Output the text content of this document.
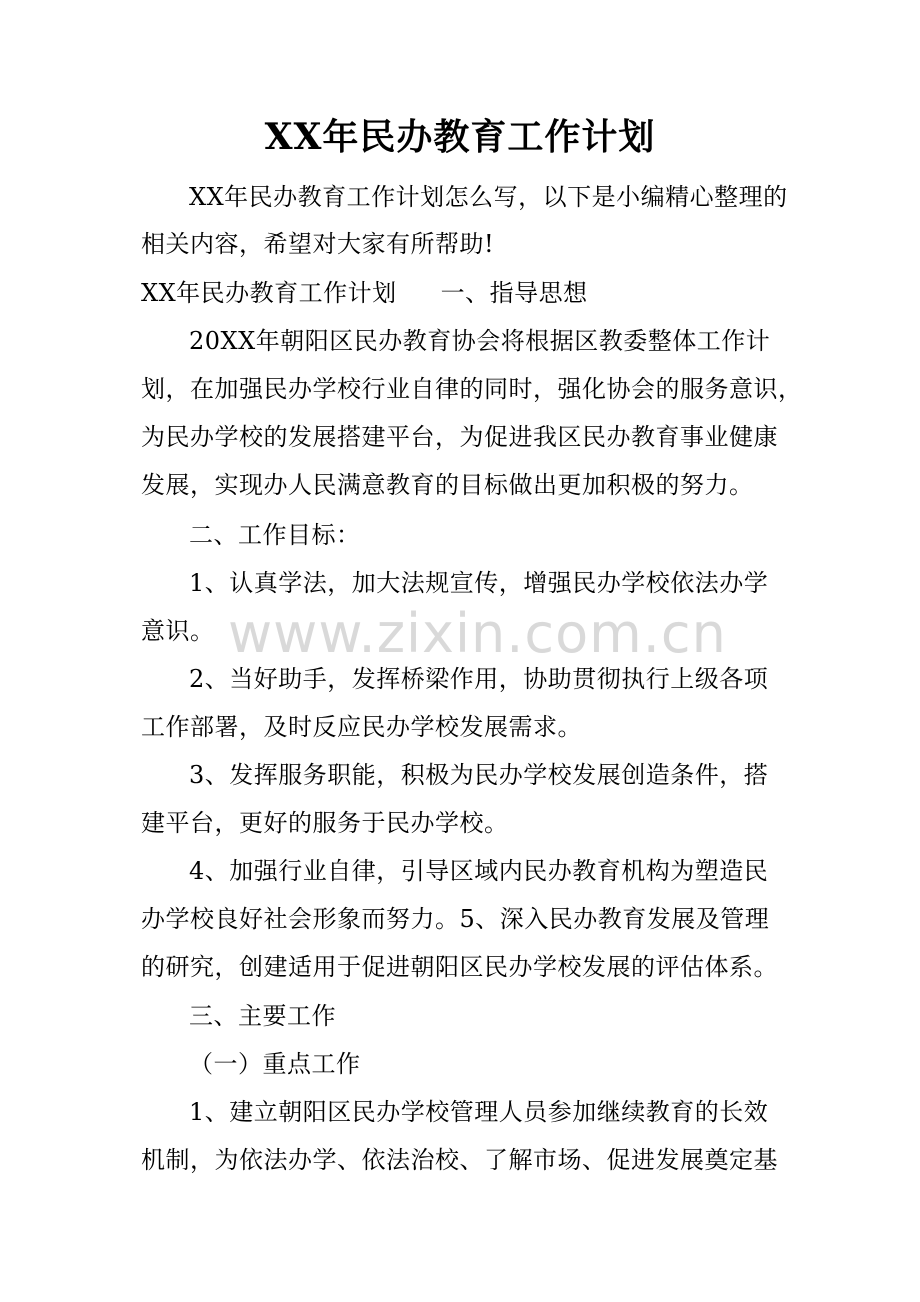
XX年民办教育工作计划
XX年民办教育工作计划怎么写，以下是小编精心整理的
相关内容，希望对大家有所帮助!
XX年民办教育工作计划 一、指导思想
20XX年朝阳区民办教育协会将根据区教委整体工作计
划，在加强民办学校行业自律的同时，强化协会的服务意识，
为民办学校的发展搭建平台，为促进我区民办教育事业健康
发展，实现办人民满意教育的目标做出更加积极的努力。
二、工作目标：
1、认真学法，加大法规宣传，增强民办学校依法办学
意识。
2、当好助手，发挥桥梁作用，协助贯彻执行上级各项
工作部署，及时反应民办学校发展需求。
3、发挥服务职能，积极为民办学校发展创造条件，搭
建平台，更好的服务于民办学校。
4、加强行业自律，引导区域内民办教育机构为塑造民
办学校良好社会形象而努力。5、深入民办教育发展及管理
的研究，创建适用于促进朝阳区民办学校发展的评估体系。
三、主要工作
（一）重点工作
1、建立朝阳区民办学校管理人员参加继续教育的长效
机制，为依法办学、依法治校、了解市场、促进发展奠定基
www.zixin.com.cn
